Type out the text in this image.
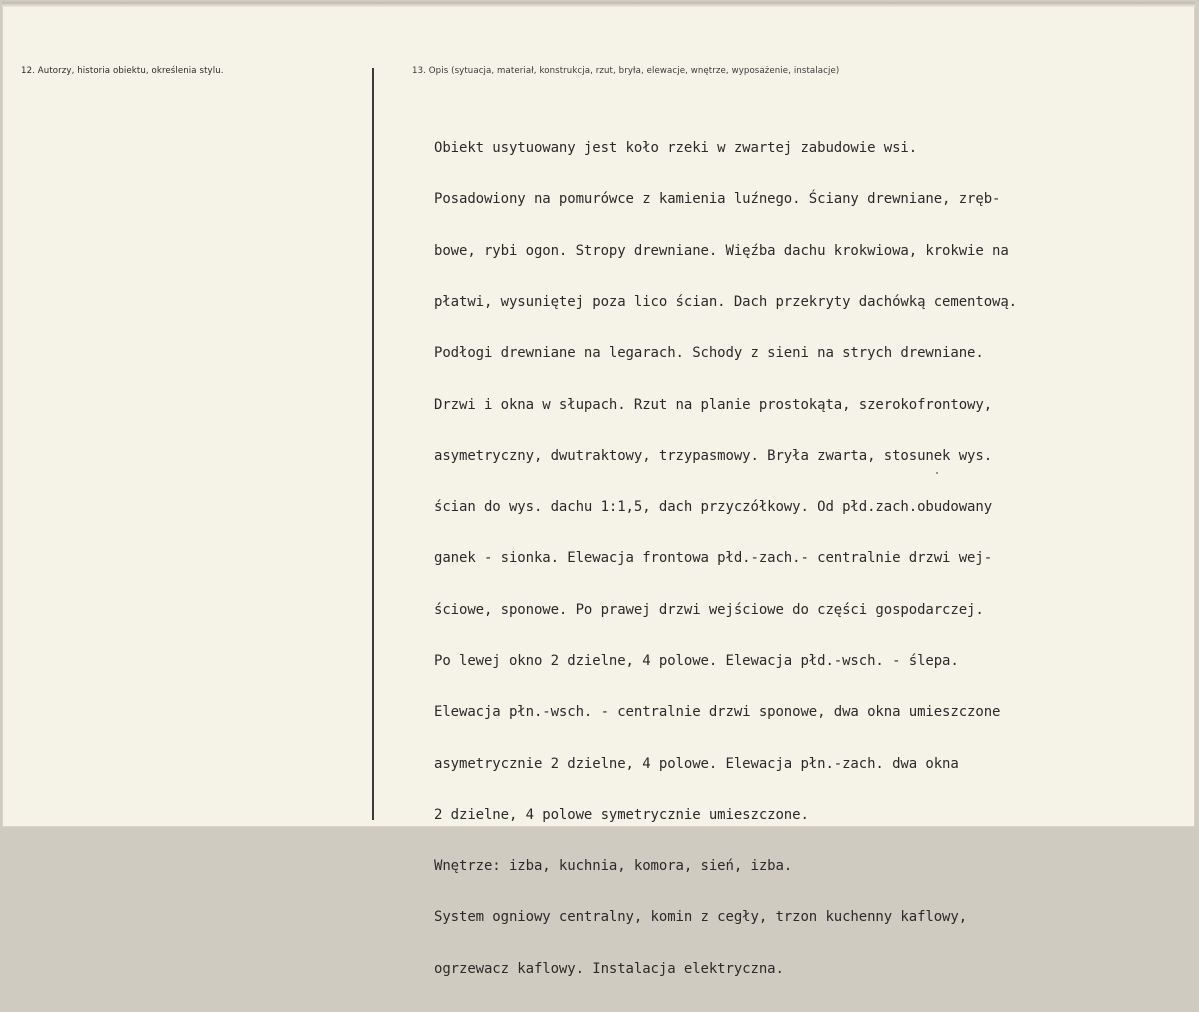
12. Autorzy, historia obiektu, określenia stylu.	13. Opis (sytuacja, materiał, konstrukcja, rzut, bryła, elewacje, wnętrze, wyposażenie, instalacje)

Obiekt usytuowany jest koło rzeki w zwartej zabudowie wsi.

Posadowiony na pomurówce z kamienia luźnego. Ściany drewniane, zręb-

bowe, rybi ogon. Stropy drewniane. Więźba dachu krokwiowa, krokwie na

płatwi, wysuniętej poza lico ścian. Dach przekryty dachówką cementową.

Podłogi drewniane na legarach. Schody z sieni na strych drewniane.

Drzwi i okna w słupach. Rzut na planie prostokąta, szerokofrontowy,

asymetryczny, dwutraktowy, trzypasmowy. Bryła zwarta, stosunek wys.

ścian do wys. dachu 1:1,5, dach przyczółkowy. Od płd.zach.obudowany

ganek - sionka. Elewacja frontowa płd.-zach.- centralnie drzwi wej-

ściowe, sponowe. Po prawej drzwi wejściowe do części gospodarczej.

Po lewej okno 2 dzielne, 4 polowe. Elewacja płd.-wsch. - ślepa.

Elewacja płn.-wsch. - centralnie drzwi sponowe, dwa okna umieszczone

asymetrycznie 2 dzielne, 4 polowe. Elewacja płn.-zach. dwa okna

2 dzielne, 4 polowe symetrycznie umieszczone.

Wnętrze: izba, kuchnia, komora, sień, izba.

System ogniowy centralny, komin z cegły, trzon kuchenny kaflowy,

ogrzewacz kaflowy. Instalacja elektryczna.
